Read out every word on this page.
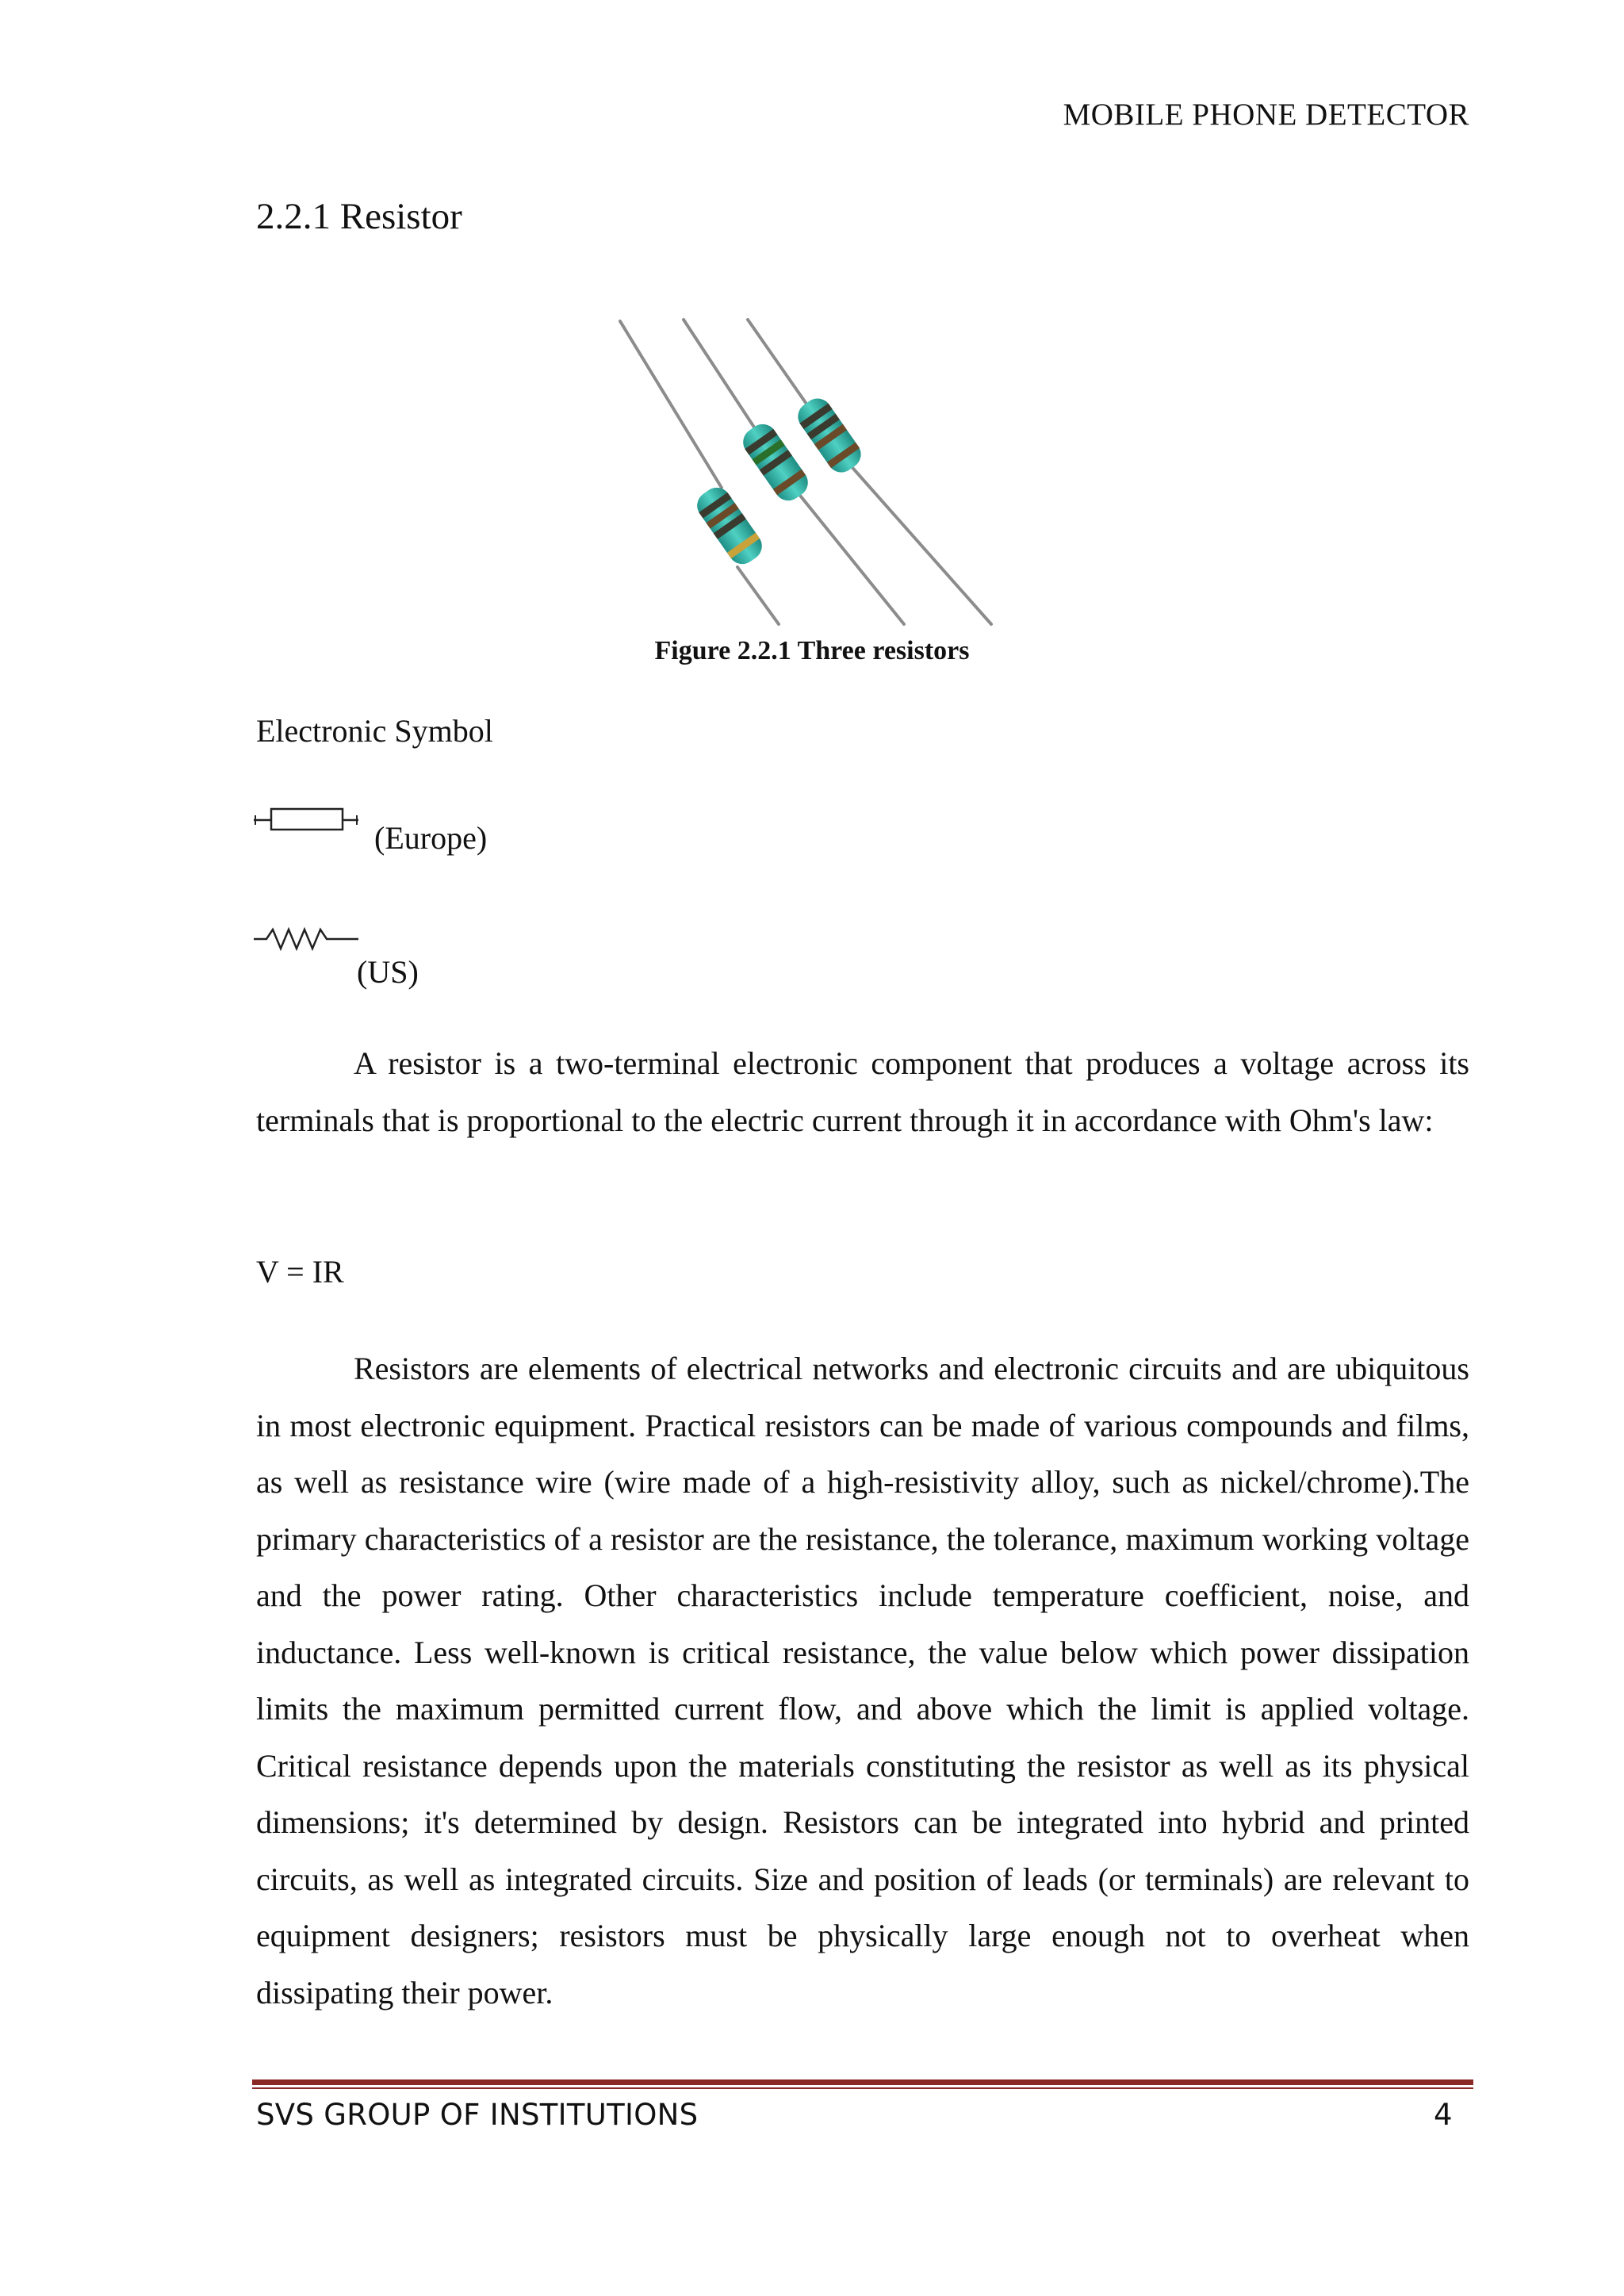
MOBILE PHONE DETECTOR
2.2.1 Resistor
Figure 2.2.1 Three resistors
Electronic Symbol
(Europe)
(US)

A resistor is a two-terminal electronic component that produces a voltage across its terminals that is proportional to the electric current through it in accordance with Ohm's law:

V = IR

Resistors are elements of electrical networks and electronic circuits and are ubiquitous in most electronic equipment. Practical resistors can be made of various compounds and films, as well as resistance wire (wire made of a high-resistivity alloy, such as nickel/chrome).The primary characteristics of a resistor are the resistance, the tolerance, maximum working voltage and the power rating. Other characteristics include temperature coefficient, noise, and inductance. Less well-known is critical resistance, the value below which power dissipation limits the maximum permitted current flow, and above which the limit is applied voltage. Critical resistance depends upon the materials constituting the resistor as well as its physical dimensions; it's determined by design. Resistors can be integrated into hybrid and printed circuits, as well as integrated circuits. Size and position of leads (or terminals) are relevant to equipment designers; resistors must be physically large enough not to overheat when dissipating their power.

SVS GROUP OF INSTITUTIONS	4
